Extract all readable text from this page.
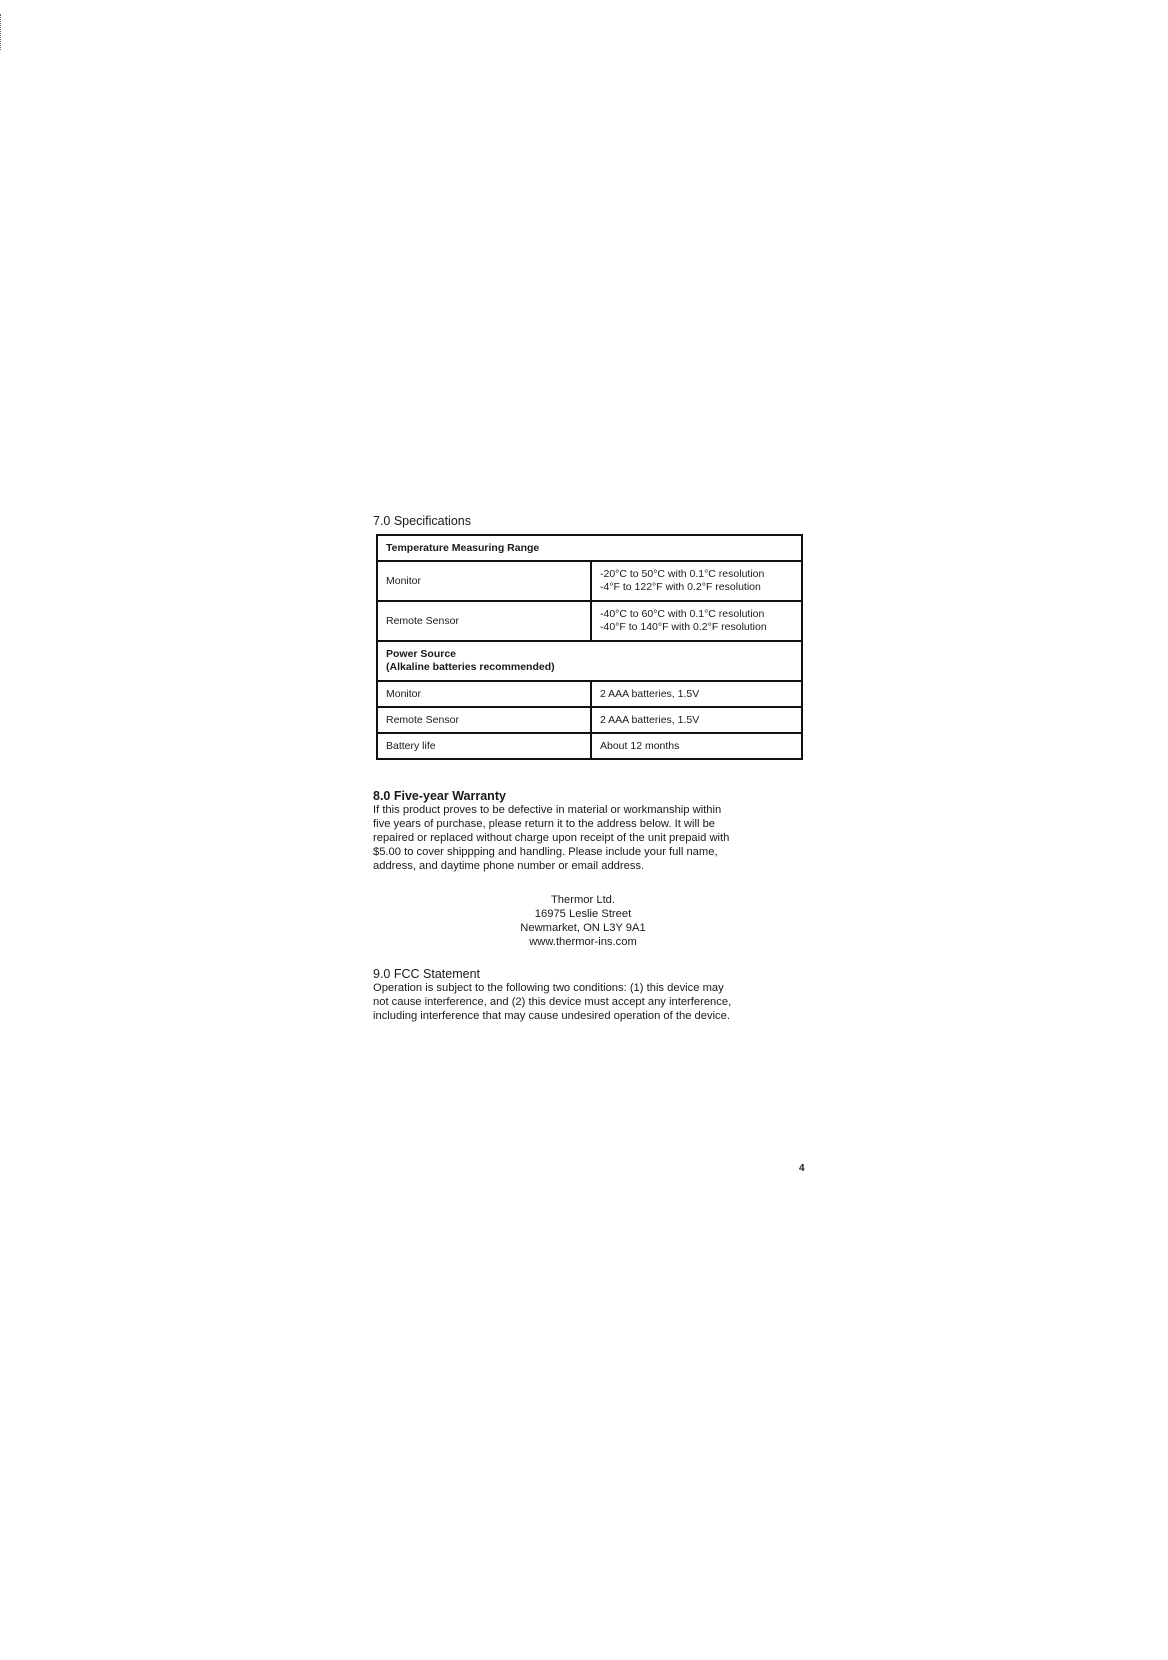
7.0 Specifications
Temperature Measuring Range	
Monitor	-20°C to 50°C with 0.1°C resolution
-4°F to 122°F with 0.2°F resolution

Remote Sensor	-40°C to 60°C with 0.1°C resolution
-40°F to 140°F with 0.2°F resolution

Power Source
(Alkaline batteries recommended)	

Monitor	2 AAA batteries, 1.5V
Remote Sensor	2 AAA batteries, 1.5V
Battery life	About 12 months
8.0 Five-year Warranty
If this product proves to be defective in material or workmanship within
five years of purchase, please return it to the address below. It will be
repaired or replaced without charge upon receipt of the unit prepaid with
$5.00 to cover shippping and handling. Please include your full name,
address, and daytime phone number or email address.
Thermor Ltd.
16975 Leslie Street
Newmarket, ON L3Y 9A1
www.thermor-ins.com
9.0 FCC Statement
Operation is subject to the following two conditions: (1) this device may
not cause interference, and (2) this device must accept any interference,
including interference that may cause undesired operation of the device.
4
